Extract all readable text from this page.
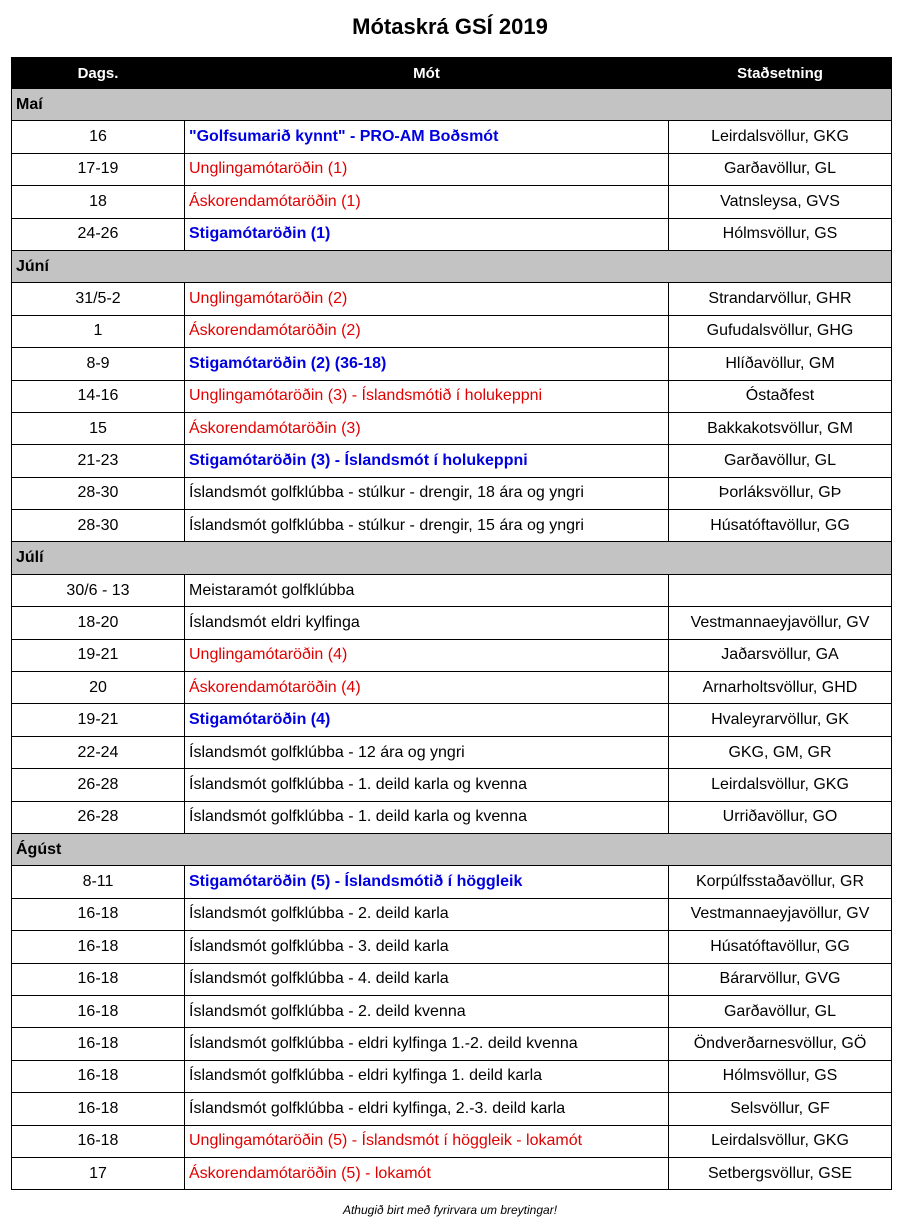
Mótaskrá GSÍ 2019
Dags.	Mót	Staðsetning
Maí		
16	"Golfsumarið kynnt" - PRO-AM Boðsmót	Leirdalsvöllur, GKG
17-19	Unglingamótaröðin (1)	Garðavöllur, GL
18	Áskorendamótaröðin (1)	Vatnsleysa, GVS
24-26	Stigamótaröðin (1)	Hólmsvöllur, GS
Júní		
31/5-2	Unglingamótaröðin (2)	Strandarvöllur, GHR
1	Áskorendamótaröðin (2)	Gufudalsvöllur, GHG
8-9	Stigamótaröðin (2) (36-18)	Hlíðavöllur, GM
14-16	Unglingamótaröðin (3) - Íslandsmótið í holukeppni	Óstaðfest
15	Áskorendamótaröðin (3)	Bakkakotsvöllur, GM
21-23	Stigamótaröðin (3) - Íslandsmót í holukeppni	Garðavöllur, GL
28-30	Íslandsmót golfklúbba - stúlkur - drengir, 18 ára og yngri	Þorláksvöllur, GÞ
28-30	Íslandsmót golfklúbba - stúlkur - drengir, 15 ára og yngri	Húsatóftavöllur, GG
Júlí		
30/6 - 13	Meistaramót golfklúbba	
18-20	Íslandsmót eldri kylfinga	Vestmannaeyjavöllur, GV
19-21	Unglingamótaröðin (4)	Jaðarsvöllur, GA
20	Áskorendamótaröðin (4)	Arnarholtsvöllur, GHD
19-21	Stigamótaröðin (4)	Hvaleyrarvöllur, GK
22-24	Íslandsmót golfklúbba - 12 ára og yngri	GKG, GM, GR
26-28	Íslandsmót golfklúbba - 1. deild karla og kvenna	Leirdalsvöllur, GKG
26-28	Íslandsmót golfklúbba - 1. deild karla og kvenna	Urriðavöllur, GO
Ágúst		
8-11	Stigamótaröðin (5) - Íslandsmótið í höggleik	Korpúlfsstaðavöllur, GR
16-18	Íslandsmót golfklúbba - 2. deild karla	Vestmannaeyjavöllur, GV
16-18	Íslandsmót golfklúbba - 3. deild karla	Húsatóftavöllur, GG
16-18	Íslandsmót golfklúbba - 4. deild karla	Bárarvöllur, GVG
16-18	Íslandsmót golfklúbba - 2. deild kvenna	Garðavöllur, GL
16-18	Íslandsmót golfklúbba - eldri kylfinga 1.-2. deild kvenna	Öndverðarnesvöllur, GÖ
16-18	Íslandsmót golfklúbba - eldri kylfinga 1. deild karla	Hólmsvöllur, GS
16-18	Íslandsmót golfklúbba - eldri kylfinga, 2.-3. deild karla	Selsvöllur, GF
16-18	Unglingamótaröðin (5) - Íslandsmót í höggleik - lokamót	Leirdalsvöllur, GKG
17	Áskorendamótaröðin (5) - lokamót	Setbergsvöllur, GSE
Athugið birt með fyrirvara um breytingar!
